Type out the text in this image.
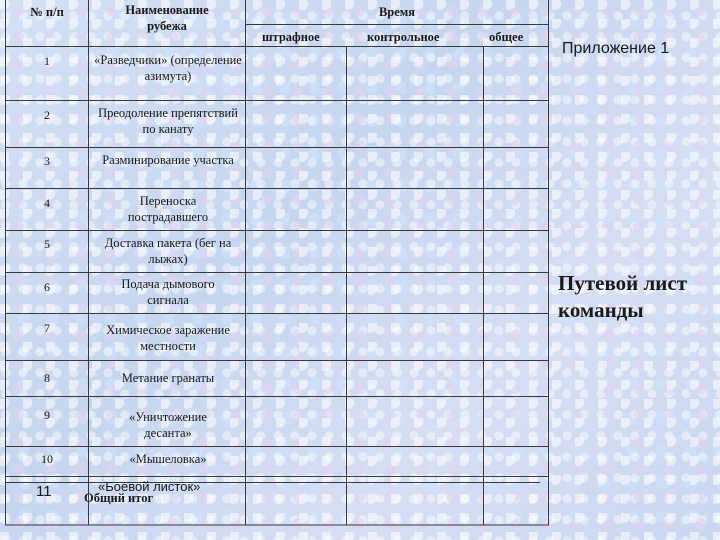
№ п/п	Наименование рубежа
Время
штрафное	контрольное	общее
1	«Разведчики» (определение азимута)
2	Преодоление препятствий по канату
3	Разминирование участка
4	Переноска пострадавшего
5	Доставка пакета (бег на лыжах)
6	Подача дымового сигнала
7	Химическое заражение местности
8	Метание гранаты
9	«Уничтожение десанта»
10	«Мышеловка»
11	«Боевой листок»
Общий итог
Приложение 1
Путевой лист команды
